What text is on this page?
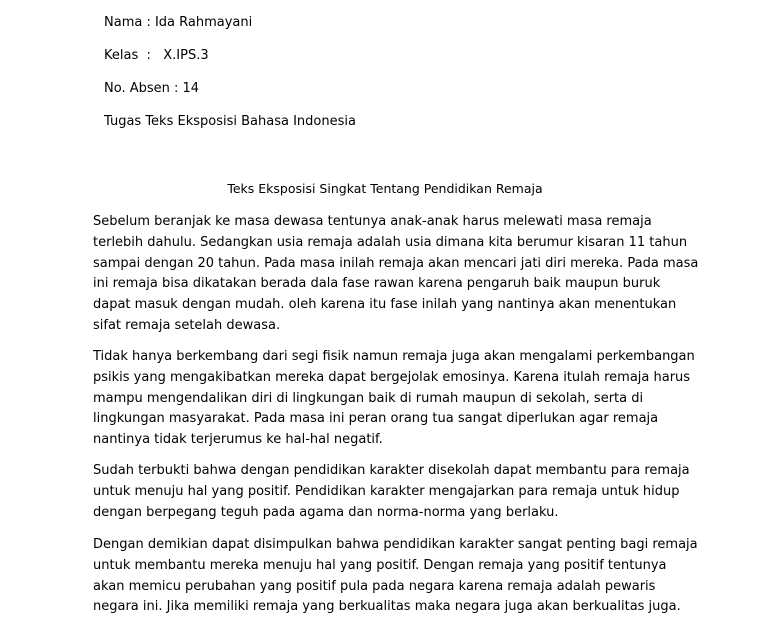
Nama : Ida Rahmayani
Kelas  :   X.IPS.3
No. Absen : 14
Tugas Teks Eksposisi Bahasa Indonesia
Teks Eksposisi Singkat Tentang Pendidikan Remaja

Sebelum beranjak ke masa dewasa tentunya anak-anak harus melewati masa remaja
terlebih dahulu. Sedangkan usia remaja adalah usia dimana kita berumur kisaran 11 tahun
sampai dengan 20 tahun. Pada masa inilah remaja akan mencari jati diri mereka. Pada masa
ini remaja bisa dikatakan berada dala fase rawan karena pengaruh baik maupun buruk
dapat masuk dengan mudah. oleh karena itu fase inilah yang nantinya akan menentukan
sifat remaja setelah dewasa.

Tidak hanya berkembang dari segi fisik namun remaja juga akan mengalami perkembangan
psikis yang mengakibatkan mereka dapat bergejolak emosinya. Karena itulah remaja harus
mampu mengendalikan diri di lingkungan baik di rumah maupun di sekolah, serta di
lingkungan masyarakat. Pada masa ini peran orang tua sangat diperlukan agar remaja
nantinya tidak terjerumus ke hal-hal negatif.

Sudah terbukti bahwa dengan pendidikan karakter disekolah dapat membantu para remaja
untuk menuju hal yang positif. Pendidikan karakter mengajarkan para remaja untuk hidup
dengan berpegang teguh pada agama dan norma-norma yang berlaku.

Dengan demikian dapat disimpulkan bahwa pendidikan karakter sangat penting bagi remaja
untuk membantu mereka menuju hal yang positif. Dengan remaja yang positif tentunya
akan memicu perubahan yang positif pula pada negara karena remaja adalah pewaris
negara ini. Jika memiliki remaja yang berkualitas maka negara juga akan berkualitas juga.
